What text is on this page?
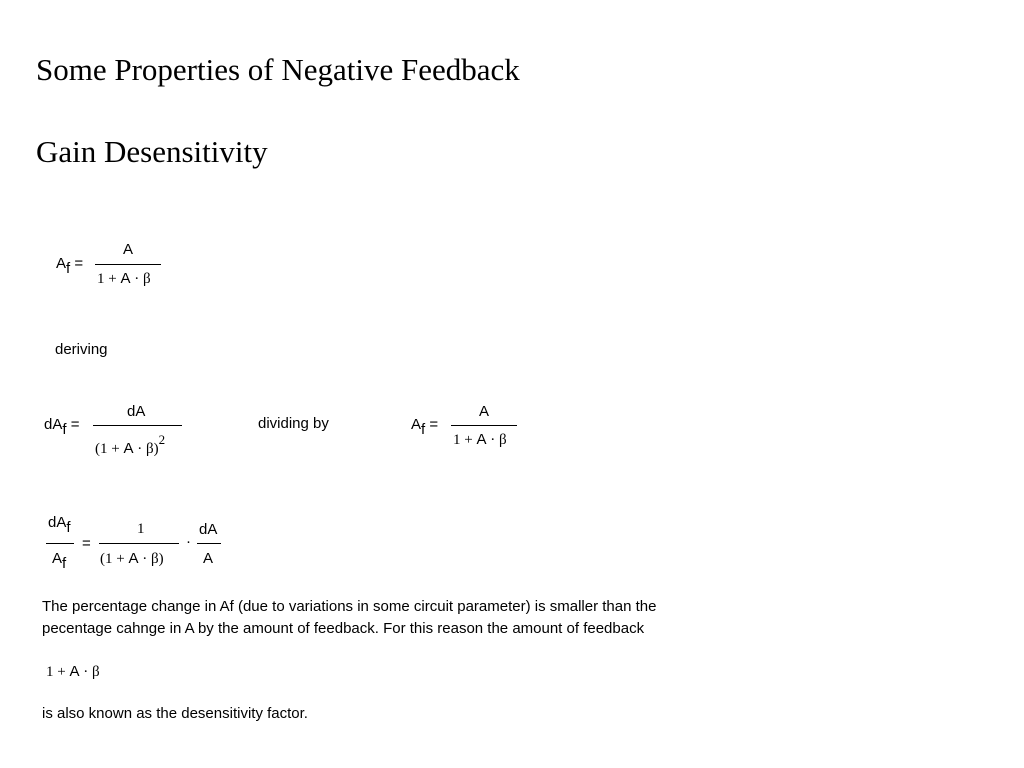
Some Properties of Negative Feedback
Gain Desensitivity
Af =
A
1 + A · β
deriving
dAf =
dA
(1 + A · β)2
dividing by	Af =
A
1 + A · β
dAf
Af
=
1
(1 + A · β)
·
dA
A
The percentage change in Af (due to variations in some circuit parameter) is smaller than the
pecentage cahnge in A by the amount of feedback. For this reason the amount of feedback
1 + A · β
is also known as the desensitivity factor.
